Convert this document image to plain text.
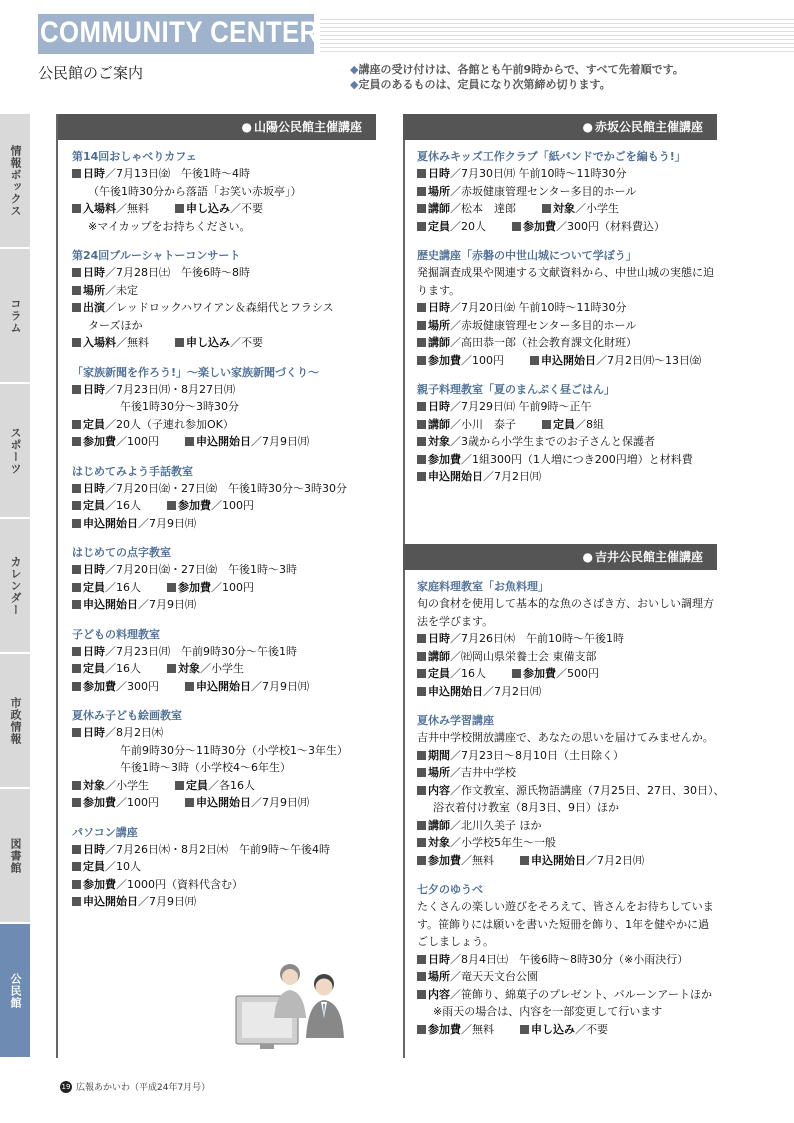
COMMUNITY CENTER
公民館のご案内	◆講座の受け付けは、各館とも午前9時からで、すべて先着順です。
◆定員のあるものは、定員になり次第締め切ります。
情報ボックス
コラム
スポーツ
カレンダー
市政情報
図書館
公民館
● 山陽公民館主催講座
第14回おしゃべりカフェ
日時／7月13日㈮　午後1時～4時
（午後1時30分から落語「お笑い赤坂亭」）
入場料／無料	申し込み／不要
※マイカップをお持ちください。
第24回ブルーシャトーコンサート
日時／7月28日㈯　午後6時～8時
場所／未定
出演／レッドロックハワイアン＆森絹代とフラシス
ターズほか
入場料／無料	申し込み／不要
「家族新聞を作ろう!」～楽しい家族新聞づくり～
日時／7月23日㈪・8月27日㈪
午後1時30分～3時30分
定員／20人（子連れ参加OK）
参加費／100円	申込開始日／7月9日㈪
はじめてみよう手話教室
日時／7月20日㈮・27日㈮　午後1時30分～3時30分
定員／16人	参加費／100円
申込開始日／7月9日㈪
はじめての点字教室
日時／7月20日㈮・27日㈮　午後1時～3時
定員／16人	参加費／100円
申込開始日／7月9日㈪
子どもの料理教室
日時／7月23日㈪　午前9時30分～午後1時
定員／16人	対象／小学生
参加費／300円	申込開始日／7月9日㈪
夏休み子ども絵画教室
日時／8月2日㈭
午前9時30分～11時30分（小学校1～3年生）
午後1時～3時（小学校4～6年生）
対象／小学生	定員／各16人
参加費／100円	申込開始日／7月9日㈪
パソコン講座
日時／7月26日㈭・8月2日㈭　午前9時～午後4時
定員／10人
参加費／1000円（資料代含む）
申込開始日／7月9日㈪
● 赤坂公民館主催講座
夏休みキッズ工作クラブ「紙バンドでかごを編もう!」
日時／7月30日㈪ 午前10時～11時30分
場所／赤坂健康管理センター多目的ホール
講師／松本　達郎	対象／小学生
定員／20人	参加費／300円（材料費込）
歴史講座「赤磐の中世山城について学ぼう」
発掘調査成果や関連する文献資料から、中世山城の実態に迫ります。
日時／7月20日㈮ 午前10時～11時30分
場所／赤坂健康管理センター多目的ホール
講師／高田恭一郎（社会教育課文化財班）
参加費／100円	申込開始日／7月2日㈪～13日㈮
親子料理教室「夏のまんぷく昼ごはん」
日時／7月29日㈰ 午前9時～正午
講師／小川　泰子	定員／8組
対象／3歳から小学生までのお子さんと保護者
参加費／1組300円（1人増につき200円増）と材料費
申込開始日／7月2日㈪
● 吉井公民館主催講座
家庭料理教室「お魚料理」
旬の食材を使用して基本的な魚のさばき方、おいしい調理方法を学びます。
日時／7月26日㈭　午前10時～午後1時
講師／㈳岡山県栄養士会 東備支部
定員／16人	参加費／500円
申込開始日／7月2日㈪
夏休み学習講座
吉井中学校開放講座で、あなたの思いを届けてみませんか。
期間／7月23日～8月10日（土日除く）
場所／吉井中学校
内容／作文教室、源氏物語講座（7月25日、27日、30日）、
浴衣着付け教室（8月3日、9日）ほか
講師／北川久美子 ほか
対象／小学校5年生～一般
参加費／無料	申込開始日／7月2日㈪
七夕のゆうべ
たくさんの楽しい遊びをそろえて、皆さんをお待ちしています。笹飾りには願いを書いた短冊を飾り、1年を健やかに過ごしましょう。
日時／8月4日㈯　午後6時～8時30分（※小雨決行）
場所／竜天天文台公園
内容／笹飾り、綿菓子のプレゼント、バルーンアートほか
※雨天の場合は、内容を一部変更して行います
参加費／無料	申し込み／不要
19 広報あかいわ（平成24年7月号）
